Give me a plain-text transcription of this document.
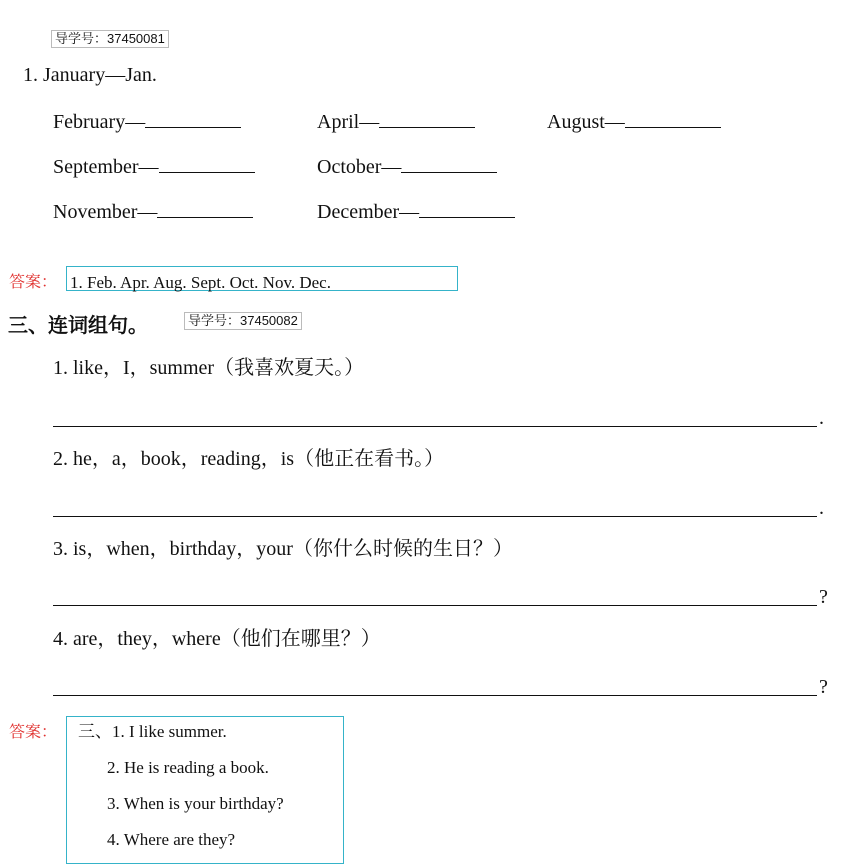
导学号：37450081
1. January—Jan.
February—	April—	August—
September—	October—
November—	December—
答案： 1. Feb. Apr. Aug. Sept. Oct. Nov. Dec.
三、连词组句。	导学号：37450082
1. like，I，summer（我喜欢夏天。）
.
2. he，a，book，reading，is（他正在看书。）
.
3. is，when，birthday，your（你什么时候的生日？）
?
4. are，they，where（他们在哪里？）
?
答案： 三、1. I like summer.
2. He is reading a book.
3. When is your birthday?
4. Where are they?
